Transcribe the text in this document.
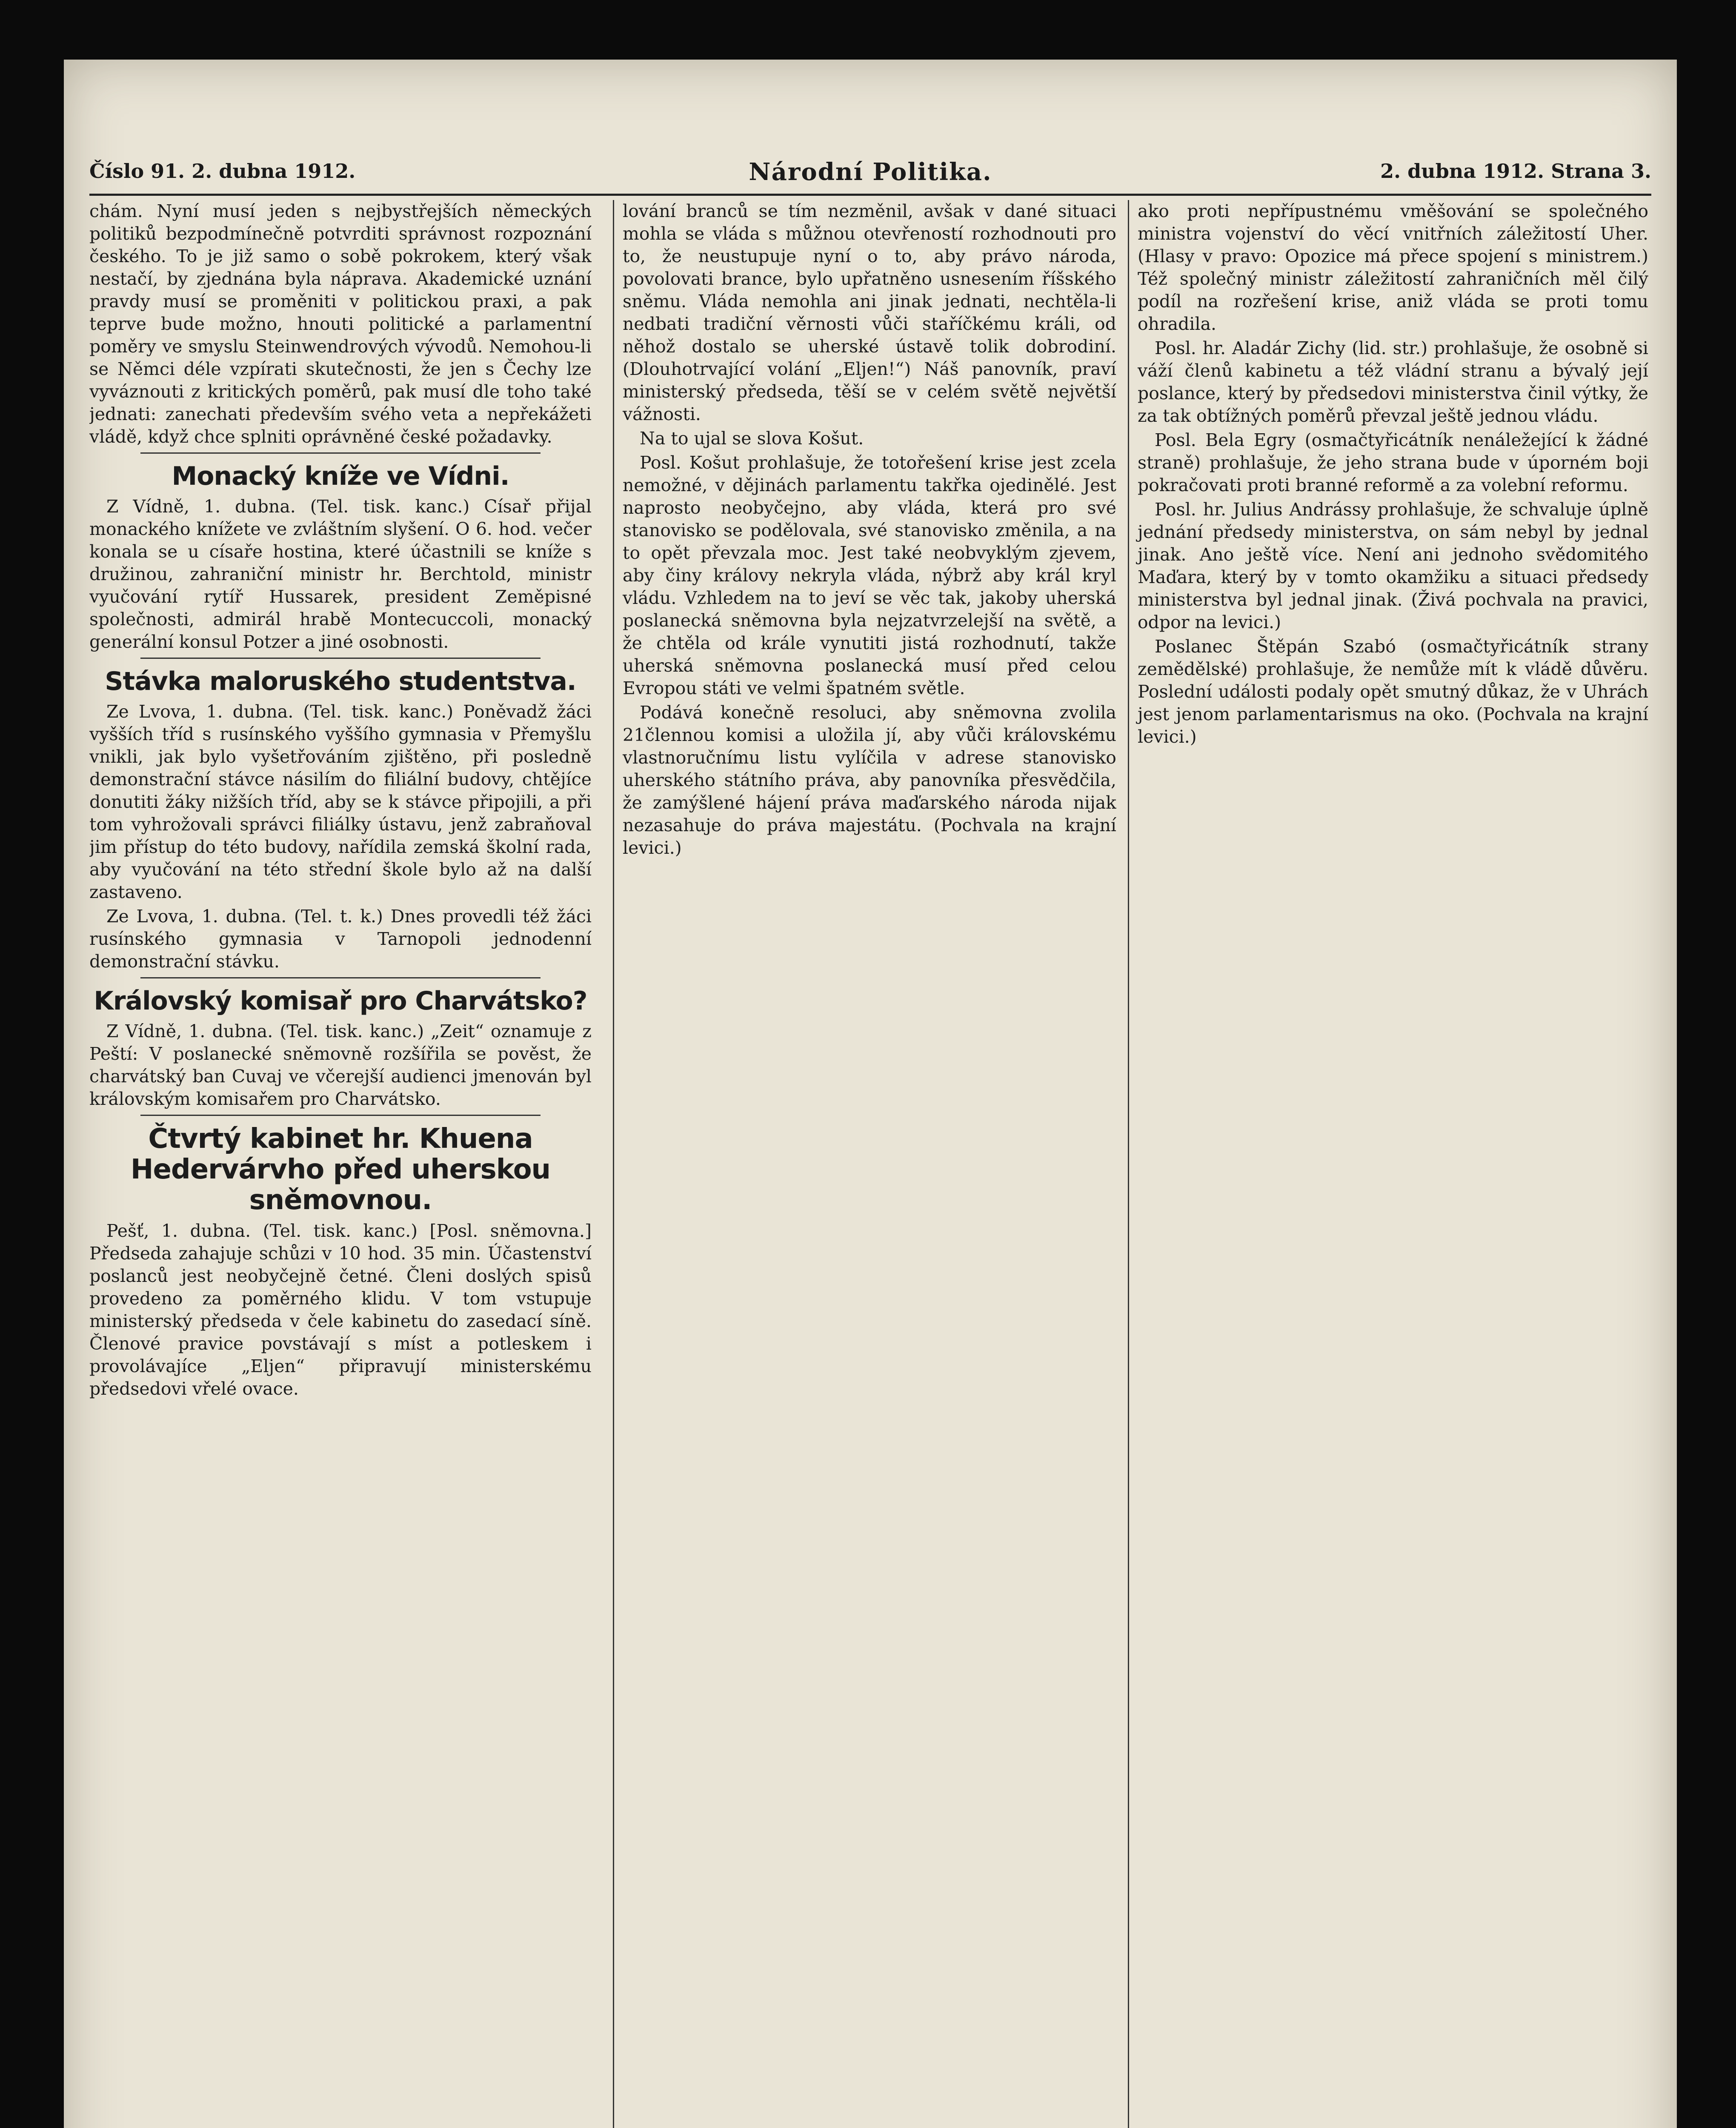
Číslo 91. 2. dubna 1912.	Národní Politika.	2. dubna 1912. Strana 3.

chám. Nyní musí jeden s nejbystřejších německých politiků bezpodmínečně potvrditi správnost rozpoznání českého. To je již samo o sobě pokrokem, který však nestačí, by zjednána byla náprava. Akademické uznání pravdy musí se proměniti v politickou praxi, a pak teprve bude možno, hnouti politické a parlamentní poměry ve smyslu Steinwendrových vývodů. Nemohou-li se Němci déle vzpírati skutečnosti, že jen s Čechy lze vyváznouti z kritických poměrů, pak musí dle toho také jednati: zanechati především svého veta a nepřekážeti vládě, když chce splniti oprávněné české požadavky.

Monacký kníže ve Vídni.

Z Vídně, 1. dubna. (Tel. tisk. kanc.) Císař přijal monackého knížete ve zvláštním slyšení. O 6. hod. večer konala se u císaře hostina, které účastnili se kníže s družinou, zahraniční ministr hr. Berchtold, ministr vyučování rytíř Hussarek, president Zeměpisné společnosti, admirál hrabě Montecuccoli, monacký generální konsul Potzer a jiné osobnosti.

Stávka maloruského studentstva.

Ze Lvova, 1. dubna. (Tel. tisk. kanc.) Poněvadž žáci vyšších tříd s rusínského vyššího gymnasia v Přemyšlu vnikli, jak bylo vyšetřováním zjištěno, při posledně demonstrační stávce násilím do filiální budovy, chtějíce donutiti žáky nižších tříd, aby se k stávce připojili, a při tom vyhrožovali správci filiálky ústavu, jenž zabraňoval jim přístup do této budovy, nařídila zemská školní rada, aby vyučování na této střední škole bylo až na další zastaveno.

Ze Lvova, 1. dubna. (Tel. t. k.) Dnes provedli též žáci rusínského gymnasia v Tarnopoli jednodenní demonstrační stávku.

Královský komisař pro Charvátsko?

Z Vídně, 1. dubna. (Tel. tisk. kanc.) „Zeit“ oznamuje z Peští: V poslanecké sněmovně rozšířila se pověst, že charvátský ban Cuvaj ve včerejší audienci jmenován byl královským komisařem pro Charvátsko.

Čtvrtý kabinet hr. Khuena Hedervárvho před uherskou sněmovnou.

Pešť, 1. dubna. (Tel. tisk. kanc.) [Posl. sněmovna.] Předseda zahajuje schůzi v 10 hod. 35 min. Účastenství poslanců jest neobyčejně četné. Členi doslých spisů provedeno za poměrného klidu. V tom vstupuje ministerský předseda v čele kabinetu do zasedací síně. Členové pravice povstávají s míst a potleskem i provolávajíce „Eljen“ připravují ministerskému předsedovi vřelé ovace.

lování branců se tím nezměnil, avšak v dané situaci mohla se vláda s můžnou otevřeností rozhodnouti pro to, že neustupuje nyní o to, aby právo národa, povolovati brance, bylo upřatněno usnesením říšského sněmu. Vláda nemohla ani jinak jednati, nechtěla-li nedbati tradiční věrnosti vůči staříčkému králi, od něhož dostalo se uherské ústavě tolik dobrodiní. (Dlouhotrvající volání „Eljen!“) Náš panovník, praví ministerský předseda, těší se v celém světě největší vážnosti.

Na to ujal se slova Košut.

Posl. Košut prohlašuje, že totořešení krise jest zcela nemožné, v dějinách parlamentu takřka ojedinělé. Jest naprosto neobyčejno, aby vláda, která pro své stanovisko se podělovala, své stanovisko změnila, a na to opět převzala moc. Jest také neobvyklým zjevem, aby činy královy nekryla vláda, nýbrž aby král kryl vládu. Vzhledem na to jeví se věc tak, jakoby uherská poslanecká sněmovna byla nejzatvrzelejší na světě, a že chtěla od krále vynutiti jistá rozhodnutí, takže uherská sněmovna poslanecká musí před celou Evropou státi ve velmi špatném světle.

Podává konečně resoluci, aby sněmovna zvolila 21člennou komisi a uložila jí, aby vůči královskému vlastnoručnímu listu vylíčila v adrese stanovisko uherského státního práva, aby panovníka přesvědčila, že zamýšlené hájení práva maďarského národa nijak nezasahuje do práva majestátu. (Pochvala na krajní levici.)

ako proti nepřípustnému vměšování se společného ministra vojenství do věcí vnitřních záležitostí Uher. (Hlasy v pravo: Opozice má přece spojení s ministrem.) Též společný ministr záležitostí zahraničních měl čilý podíl na rozřešení krise, aniž vláda se proti tomu ohradila.

Posl. hr. Aladár Zichy (lid. str.) prohlašuje, že osobně si váží členů kabinetu a též vládní stranu a bývalý její poslance, který by předsedovi ministerstva činil výtky, že za tak obtížných poměrů převzal ještě jednou vládu.

Posl. Bela Egry (osmačtyřicátník nenáležející k žádné straně) prohlašuje, že jeho strana bude v úporném boji pokračovati proti branné reformě a za volební reformu.

Posl. hr. Julius Andrássy prohlašuje, že schvaluje úplně jednání předsedy ministerstva, on sám nebyl by jednal jinak. Ano ještě více. Není ani jednoho svědomitého Maďara, který by v tomto okamžiku a situaci předsedy ministerstva byl jednal jinak. (Živá pochvala na pravici, odpor na levici.)

Poslanec Štěpán Szabó (osmačtyřicátník strany zemědělské) prohlašuje, že nemůže mít k vládě důvěru. Poslední události podaly opět smutný důkaz, že v Uhrách jest jenom parlamentarismus na oko. (Pochvala na krajní levici.)
